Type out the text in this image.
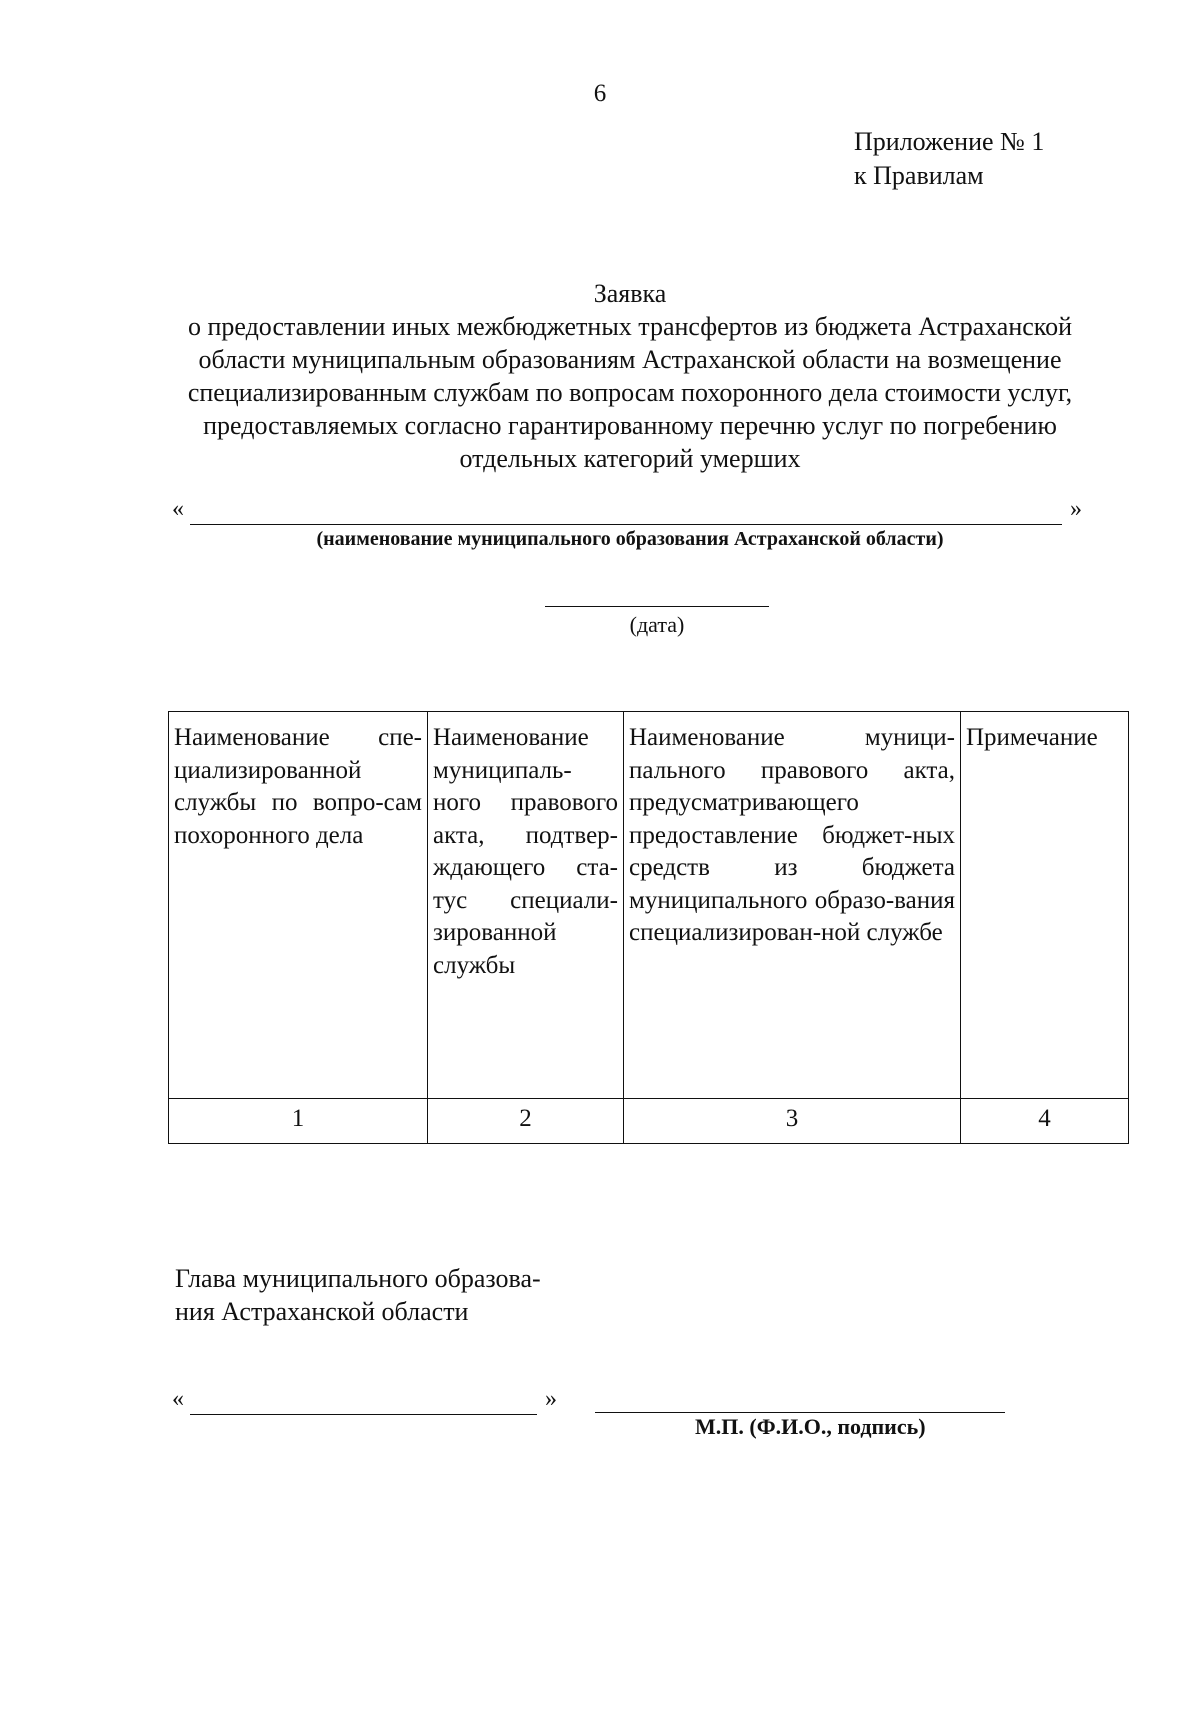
6
Приложение № 1
к Правилам
Заявка
о предоставлении иных межбюджетных трансфертов из бюджета Астраханской
области муниципальным образованиям Астраханской области на возмещение
специализированным службам по вопросам похоронного дела стоимости услуг,
предоставляемых согласно гарантированному перечню услуг по погребению
отдельных категорий умерших
«	»
(наименование муниципального образования Астраханской области)
(дата)
Наименование спе-циализированной службы по вопро-сам похоронного дела	Наименование муниципаль-ного правового акта, подтвер-ждающего ста-тус специали-зированной службы	Наименование муници-пального правового акта, предусматривающего предоставление бюджет-ных средств из бюджета муниципального образо-вания специализирован-ной службе	Примечание

1	2	3	4
Глава муниципального образова-
ния Астраханской области
«	»
М.П. (Ф.И.О., подпись)
